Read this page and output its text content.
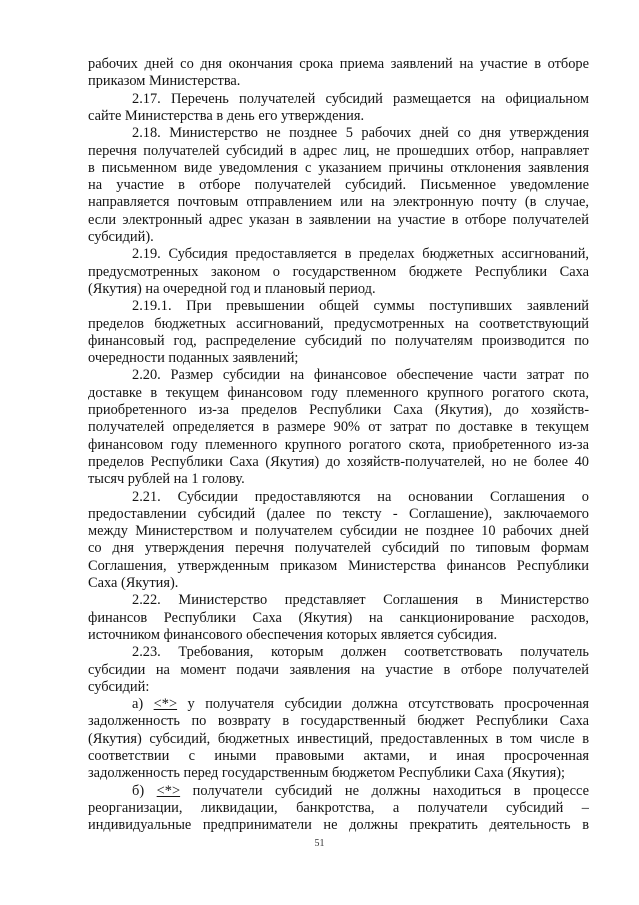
рабочих дней со дня окончания срока приема заявлений на участие в отборе
приказом Министерства.
2.17. Перечень получателей субсидий размещается на официальном
сайте Министерства в день его утверждения.
2.18. Министерство не позднее 5 рабочих дней со дня утверждения
перечня получателей субсидий в адрес лиц, не прошедших отбор, направляет
в письменном виде уведомления с указанием причины отклонения заявления
на участие в отборе получателей субсидий. Письменное уведомление
направляется почтовым отправлением или на электронную почту (в случае,
если электронный адрес указан в заявлении на участие в отборе получателей
субсидий).
2.19. Субсидия предоставляется в пределах бюджетных ассигнований,
предусмотренных законом о государственном бюджете Республики Саха
(Якутия) на очередной год и плановый период.
2.19.1. При превышении общей суммы поступивших заявлений
пределов бюджетных ассигнований, предусмотренных на соответствующий
финансовый год, распределение субсидий по получателям производится по
очередности поданных заявлений;
2.20. Размер субсидии на финансовое обеспечение части затрат по
доставке в текущем финансовом году племенного крупного рогатого скота,
приобретенного из-за пределов Республики Саха (Якутия), до хозяйств-
получателей определяется в размере 90% от затрат по доставке в текущем
финансовом году племенного крупного рогатого скота, приобретенного из-за
пределов Республики Саха (Якутия) до хозяйств-получателей, но не более 40
тысяч рублей на 1 голову.
2.21. Субсидии предоставляются на основании Соглашения о
предоставлении субсидий (далее по тексту - Соглашение), заключаемого
между Министерством и получателем субсидии не позднее 10 рабочих дней
со дня утверждения перечня получателей субсидий по типовым формам
Соглашения, утвержденным приказом Министерства финансов Республики
Саха (Якутия).
2.22. Министерство представляет Соглашения в Министерство
финансов Республики Саха (Якутия) на санкционирование расходов,
источником финансового обеспечения которых является субсидия.
2.23. Требования, которым должен соответствовать получатель
субсидии на момент подачи заявления на участие в отборе получателей
субсидий:
а) <*> у получателя субсидии должна отсутствовать просроченная
задолженность по возврату в государственный бюджет Республики Саха
(Якутия) субсидий, бюджетных инвестиций, предоставленных в том числе в
соответствии с иными правовыми актами, и иная просроченная
задолженность перед государственным бюджетом Республики Саха (Якутия);
б) <*> получатели субсидий не должны находиться в процессе
реорганизации, ликвидации, банкротства, а получатели субсидий –
индивидуальные предприниматели не должны прекратить деятельность в
51
